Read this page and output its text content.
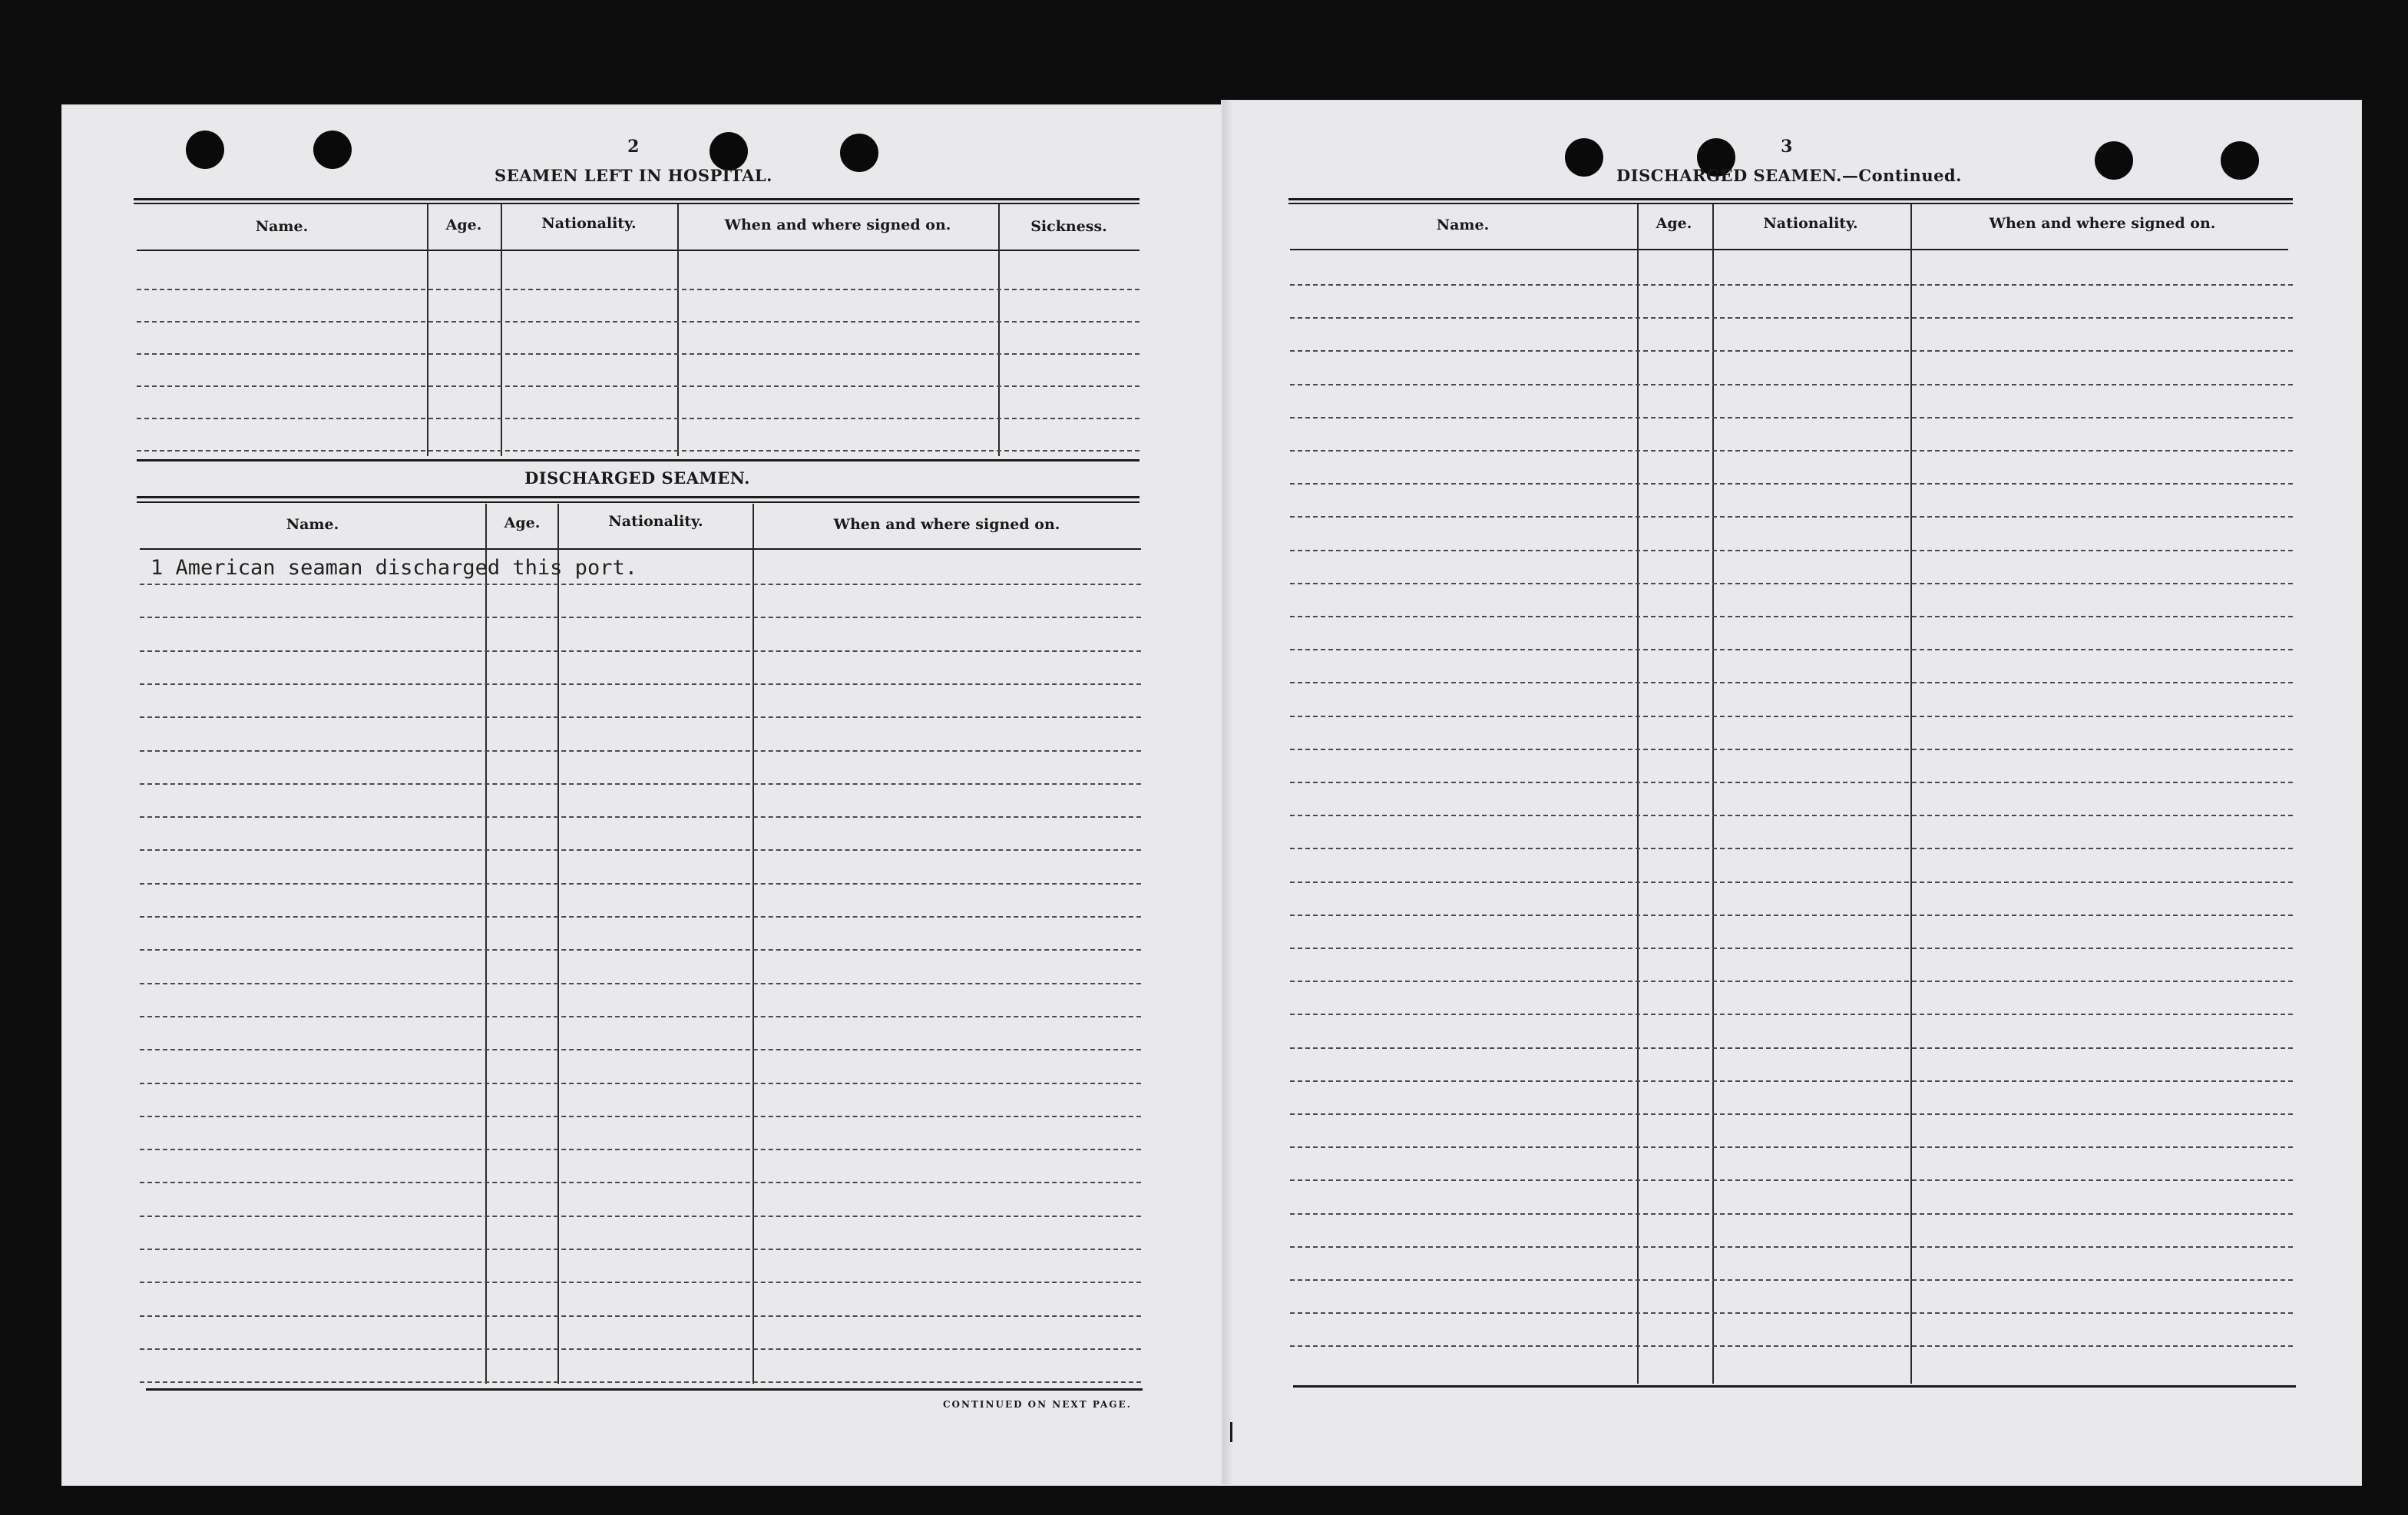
2
SEAMEN LEFT IN HOSPITAL.
Name.	Age.	Nationality.	When and where signed on.	Sickness.
DISCHARGED SEAMEN.
Name.	Age.	Nationality.	When and where signed on.
1 American seaman discharged this port.
CONTINUED ON NEXT PAGE.
3
DISCHARGED SEAMEN.—Continued.
Name.	Age.	Nationality.	When and where signed on.
